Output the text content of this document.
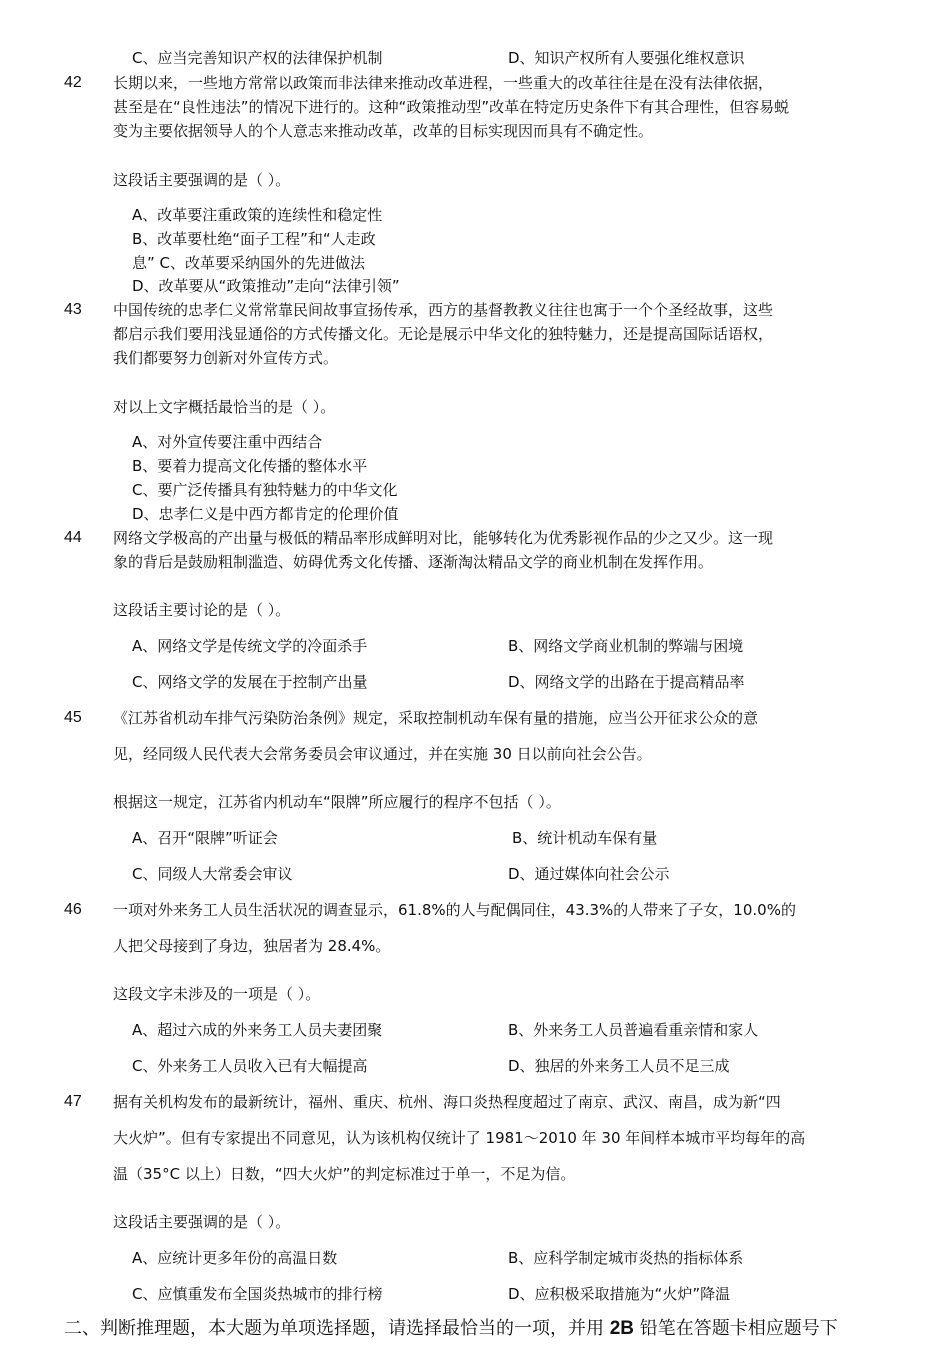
C、应当完善知识产权的法律保护机制	D、知识产权所有人要强化维权意识
42 长期以来，一些地方常常以政策而非法律来推动改革进程，一些重大的改革往往是在没有法律依据，
甚至是在“良性违法”的情况下进行的。这种“政策推动型”改革在特定历史条件下有其合理性，但容易蜕
变为主要依据领导人的个人意志来推动改革，改革的目标实现因而具有不确定性。
这段话主要强调的是（ ）。
A、改革要注重政策的连续性和稳定性
B、改革要杜绝“面子工程”和“人走政
息” C、改革要采纳国外的先进做法
D、改革要从“政策推动”走向“法律引领”
43 中国传统的忠孝仁义常常靠民间故事宣扬传承，西方的基督教教义往往也寓于一个个圣经故事，这些
都启示我们要用浅显通俗的方式传播文化。无论是展示中华文化的独特魅力，还是提高国际话语权，
我们都要努力创新对外宣传方式。
对以上文字概括最恰当的是（ ）。
A、对外宣传要注重中西结合
B、要着力提高文化传播的整体水平
C、要广泛传播具有独特魅力的中华文化
D、忠孝仁义是中西方都肯定的伦理价值
44 网络文学极高的产出量与极低的精品率形成鲜明对比，能够转化为优秀影视作品的少之又少。这一现
象的背后是鼓励粗制滥造、妨碍优秀文化传播、逐渐淘汰精品文学的商业机制在发挥作用。
这段话主要讨论的是（ ）。
A、网络文学是传统文学的冷面杀手	B、网络文学商业机制的弊端与困境
C、网络文学的发展在于控制产出量	D、网络文学的出路在于提高精品率
45 《江苏省机动车排气污染防治条例》规定，采取控制机动车保有量的措施，应当公开征求公众的意
见，经同级人民代表大会常务委员会审议通过，并在实施 30 日以前向社会公告。
根据这一规定，江苏省内机动车“限牌”所应履行的程序不包括（ ）。
A、召开“限牌”听证会	B、统计机动车保有量
C、同级人大常委会审议	D、通过媒体向社会公示
46 一项对外来务工人员生活状况的调查显示，61.8%的人与配偶同住，43.3%的人带来了子女，10.0%的
人把父母接到了身边，独居者为 28.4%。
这段文字未涉及的一项是（ ）。
A、超过六成的外来务工人员夫妻团聚	B、外来务工人员普遍看重亲情和家人
C、外来务工人员收入已有大幅提高	D、独居的外来务工人员不足三成
47 据有关机构发布的最新统计，福州、重庆、杭州、海口炎热程度超过了南京、武汉、南昌，成为新“四
大火炉”。但有专家提出不同意见，认为该机构仅统计了 1981～2010 年 30 年间样本城市平均每年的高
温（35°C 以上）日数，“四大火炉”的判定标准过于单一，不足为信。
这段话主要强调的是（ ）。
A、应统计更多年份的高温日数	B、应科学制定城市炎热的指标体系
C、应慎重发布全国炎热城市的排行榜	D、应积极采取措施为“火炉”降温
二、判断推理题，本大题为单项选择题，请选择最恰当的一项，并用 2B 铅笔在答题卡相应题号下
